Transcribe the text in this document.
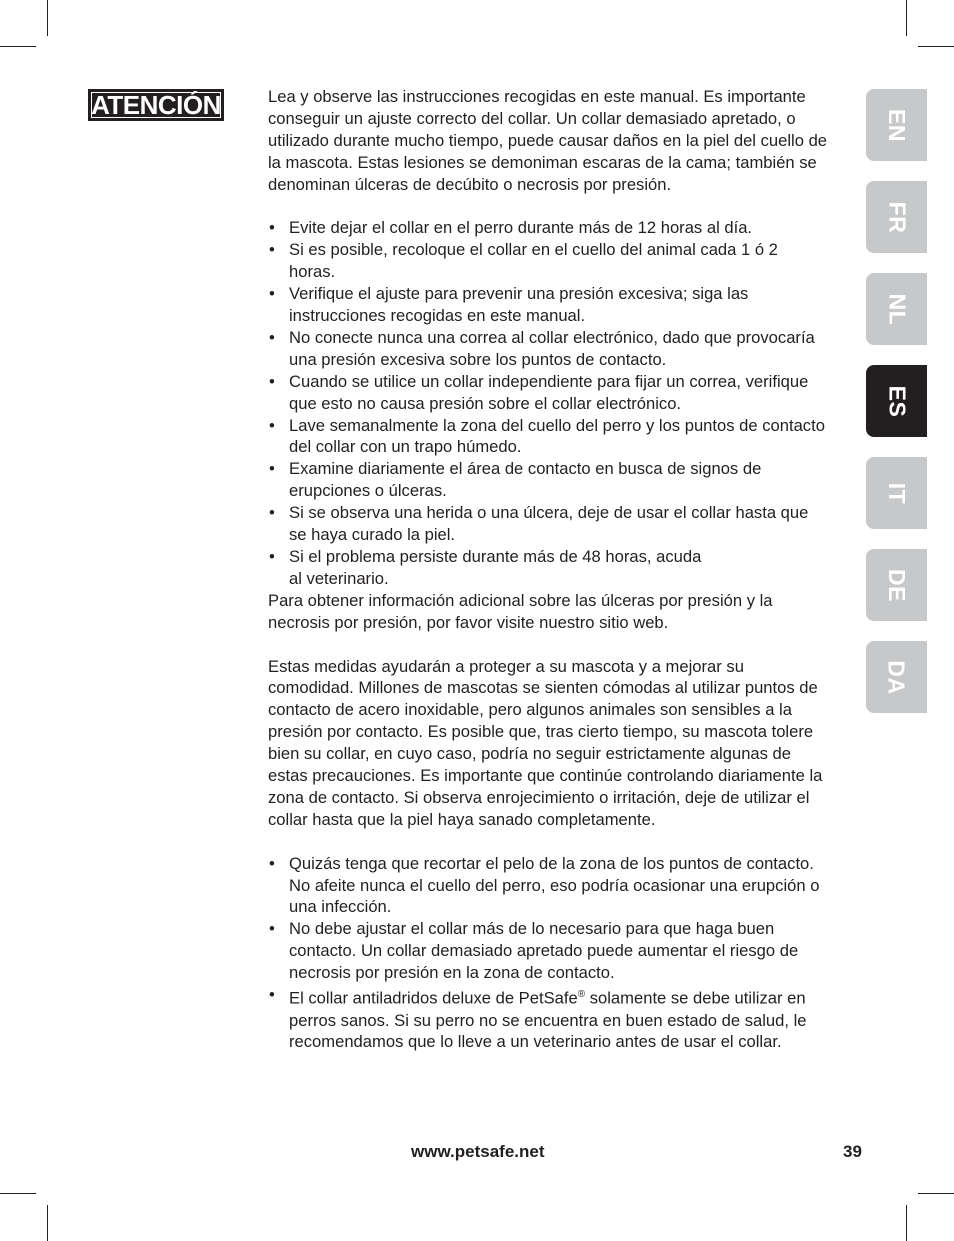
ATENCIÓN	Lea y observe las instrucciones recogidas en este manual. Es importante conseguir un ajuste correcto del collar. Un collar demasiado apretado, o utilizado durante mucho tiempo, puede causar daños en la piel del cuello de la mascota. Estas lesiones se demoniman escaras de la cama; también se denominan úlceras de decúbito o necrosis por presión.

• Evite dejar el collar en el perro durante más de 12 horas al día.
• Si es posible, recoloque el collar en el cuello del animal cada 1 ó 2 horas.
• Verifique el ajuste para prevenir una presión excesiva; siga las instrucciones recogidas en este manual.
• No conecte nunca una correa al collar electrónico, dado que provocaría una presión excesiva sobre los puntos de contacto.
• Cuando se utilice un collar independiente para fijar un correa, verifique que esto no causa presión sobre el collar electrónico.
• Lave semanalmente la zona del cuello del perro y los puntos de contacto del collar con un trapo húmedo.
• Examine diariamente el área de contacto en busca de signos de erupciones o úlceras.
• Si se observa una herida o una úlcera, deje de usar el collar hasta que se haya curado la piel.
• Si el problema persiste durante más de 48 horas, acuda
al veterinario.

Para obtener información adicional sobre las úlceras por presión y la necrosis por presión, por favor visite nuestro sitio web.

Estas medidas ayudarán a proteger a su mascota y a mejorar su comodidad. Millones de mascotas se sienten cómodas al utilizar puntos de contacto de acero inoxidable, pero algunos animales son sensibles a la presión por contacto. Es posible que, tras cierto tiempo, su mascota tolere bien su collar, en cuyo caso, podría no seguir estrictamente algunas de estas precauciones. Es importante que continúe controlando diariamente la zona de contacto. Si observa enrojecimiento o irritación, deje de utilizar el collar hasta que la piel haya sanado completamente.

• Quizás tenga que recortar el pelo de la zona de los puntos de contacto. No afeite nunca el cuello del perro, eso podría ocasionar una erupción o una infección.
• No debe ajustar el collar más de lo necesario para que haga buen contacto. Un collar demasiado apretado puede aumentar el riesgo de necrosis por presión en la zona de contacto.
• El collar antiladridos deluxe de PetSafe® solamente se debe utilizar en perros sanos. Si su perro no se encuentra en buen estado de salud, le recomendamos que lo lleve a un veterinario antes de usar el collar.
EN
FR
NL
ES
IT
DE
DA
www.petsafe.net	39
